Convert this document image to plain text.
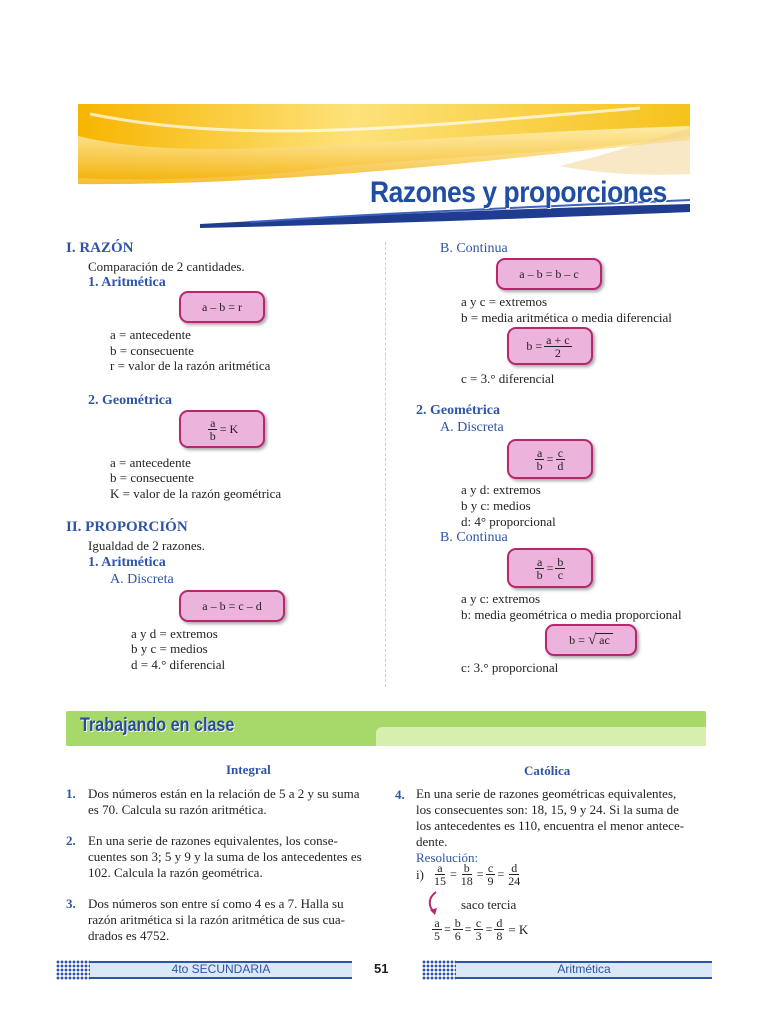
Razones y proporciones
I. RAZÓN
Comparación de 2 cantidades.
1. Aritmética
a – b = r
a = antecedente
b = consecuente
r = valor de la razón aritmética
2. Geométrica
$\frac{a}{b} = K$
a = antecedente
b = consecuente
K = valor de la razón geométrica
II. PROPORCIÓN
Igualdad de 2 razones.
1. Aritmética
A. Discreta
a – b = c – d
a y d = extremos
b y c = medios
d = 4.° diferencial
B. Continua
a – b = b – c
a y c = extremos
b = media aritmética o media diferencial
$b = \frac{a + c}{2}$
c = 3.° diferencial
2. Geométrica
A. Discreta
$\frac{a}{b} = \frac{c}{d}$
a y d: extremos
b y c: medios
d: 4° proporcional
B. Continua
$\frac{a}{b} = \frac{b}{c}$
a y c: extremos
b: media geométrica o media proporcional
b = √ ac
c: 3.° proporcional
Trabajando en clase
Integral	Católica
1. Dos números están en la relación de 5 a 2 y su suma
es 70. Calcula su razón aritmética.
2. En una serie de razones equivalentes, los conse-
cuentes son 3; 5 y 9 y la suma de los antecedentes es
102. Calcula la razón geométrica.
3. Dos números son entre sí como 4 es a 7. Halla su
razón aritmética si la razón aritmética de sus cua-
drados es 4752.
4. En una serie de razones geométricas equivalentes,
los consecuentes son: 18, 15, 9 y 24. Si la suma de
los antecedentes es 110, encuentra el menor antece-
dente.
Resolución:
$i) \frac{a}{15} = \frac{b}{18} = \frac{c}{9} = \frac{d}{24}$
saco tercia
$\frac{a}{5} = \frac{b}{6} = \frac{c}{3} = \frac{d}{8} = K$
4to SECUNDARIA	51	Aritmética
